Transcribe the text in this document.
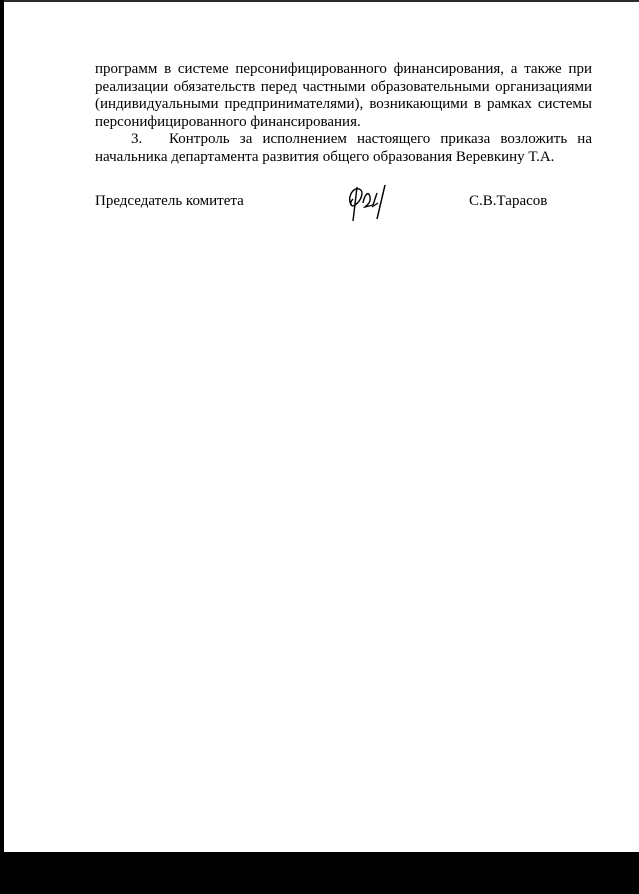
программ в системе персонифицированного финансирования, а также при
реализации обязательств перед частными образовательными организациями
(индивидуальными предпринимателями), возникающими в рамках системы
персонифицированного финансирования.

3. Контроль за исполнением настоящего приказа возложить на
начальника департамента развития общего образования Веревкину Т.А.

Председатель комитета	С.В.Тарасов
